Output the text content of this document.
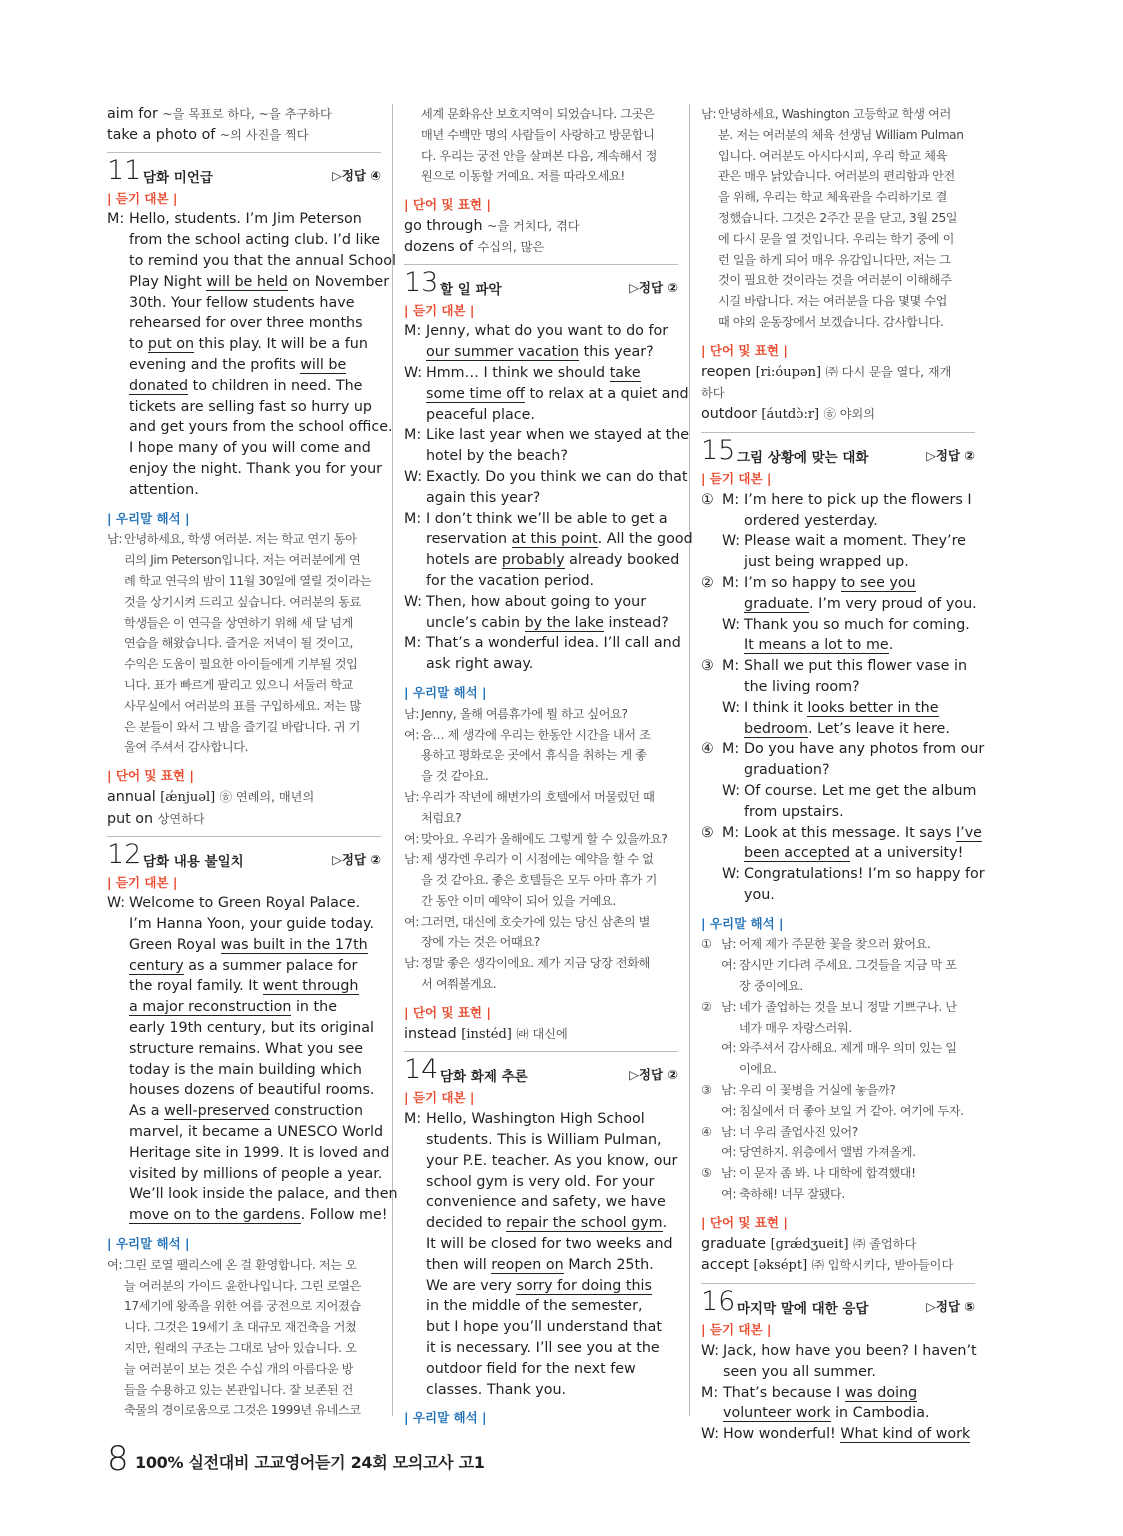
aim for ~을 목표로 하다, ~을 추구하다
take a photo of ~의 사진을 찍다
11 담화 미언급	▷정답 ④
| 듣기 대본 |
M: Hello, students. I’m Jim Peterson
from the school acting club. I’d like
to remind you that the annual School
Play Night will be held on November
30th. Your fellow students have
rehearsed for over three months
to put on this play. It will be a fun
evening and the profits will be
donated to children in need. The
tickets are selling fast so hurry up
and get yours from the school office.
I hope many of you will come and
enjoy the night. Thank you for your
attention.
| 우리말 해석 |
남: 안녕하세요, 학생 여러분. 저는 학교 연기 동아
리의 Jim Peterson입니다. 저는 여러분에게 연
례 학교 연극의 밤이 11월 30일에 열릴 것이라는
것을 상기시켜 드리고 싶습니다. 여러분의 동료
학생들은 이 연극을 상연하기 위해 세 달 넘게
연습을 해왔습니다. 즐거운 저녁이 될 것이고,
수익은 도움이 필요한 아이들에게 기부될 것입
니다. 표가 빠르게 팔리고 있으니 서둘러 학교
사무실에서 여러분의 표를 구입하세요. 저는 많
은 분들이 와서 그 밤을 즐기길 바랍니다. 귀 기
울여 주셔서 감사합니다.
| 단어 및 표현 |
annual [ǽnjuəl] ㉭ 연례의, 매년의
put on 상연하다
12 담화 내용 불일치	▷정답 ②
| 듣기 대본 |
W: Welcome to Green Royal Palace.
I’m Hanna Yoon, your guide today.
Green Royal was built in the 17th
century as a summer palace for
the royal family. It went through
a major reconstruction in the
early 19th century, but its original
structure remains. What you see
today is the main building which
houses dozens of beautiful rooms.
As a well-preserved construction
marvel, it became a UNESCO World
Heritage site in 1999. It is loved and
visited by millions of people a year.
We’ll look inside the palace, and then
move on to the gardens. Follow me!
| 우리말 해석 |
여: 그린 로열 팰리스에 온 걸 환영합니다. 저는 오
늘 여러분의 가이드 윤한나입니다. 그린 로열은
17세기에 왕족을 위한 여름 궁전으로 지어졌습
니다. 그것은 19세기 초 대규모 재건축을 거쳤
지만, 원래의 구조는 그대로 남아 있습니다. 오
늘 여러분이 보는 것은 수십 개의 아름다운 방
들을 수용하고 있는 본관입니다. 잘 보존된 건
축물의 경이로움으로 그것은 1999년 유네스코
세계 문화유산 보호지역이 되었습니다. 그곳은
매년 수백만 명의 사람들이 사랑하고 방문합니
다. 우리는 궁전 안을 살펴본 다음, 계속해서 정
원으로 이동할 거예요. 저를 따라오세요!
| 단어 및 표현 |
go through ~을 거치다, 겪다
dozens of 수십의, 많은
13 할 일 파악	▷정답 ②
| 듣기 대본 |
M: Jenny, what do you want to do for
our summer vacation this year?
W: Hmm… I think we should take
some time off to relax at a quiet and
peaceful place.
M: Like last year when we stayed at the
hotel by the beach?
W: Exactly. Do you think we can do that
again this year?
M: I don’t think we’ll be able to get a
reservation at this point. All the good
hotels are probably already booked
for the vacation period.
W: Then, how about going to your
uncle’s cabin by the lake instead?
M: That’s a wonderful idea. I’ll call and
ask right away.
| 우리말 해석 |
남: Jenny, 올해 여름휴가에 뭘 하고 싶어요?
여: 음… 제 생각에 우리는 한동안 시간을 내서 조
용하고 평화로운 곳에서 휴식을 취하는 게 좋
을 것 같아요.
남: 우리가 작년에 해변가의 호텔에서 머물렀던 때
처럼요?
여: 맞아요. 우리가 올해에도 그렇게 할 수 있을까요?
남: 제 생각엔 우리가 이 시점에는 예약을 할 수 없
을 것 같아요. 좋은 호텔들은 모두 아마 휴가 기
간 동안 이미 예약이 되어 있을 거예요.
여: 그러면, 대신에 호숫가에 있는 당신 삼촌의 별
장에 가는 것은 어때요?
남: 정말 좋은 생각이에요. 제가 지금 당장 전화해
서 여쭤볼게요.
| 단어 및 표현 |
instead [instéd] ㈑ 대신에
14 담화 화제 추론	▷정답 ②
| 듣기 대본 |
M: Hello, Washington High School
students. This is William Pulman,
your P.E. teacher. As you know, our
school gym is very old. For your
convenience and safety, we have
decided to repair the school gym.
It will be closed for two weeks and
then will reopen on March 25th.
We are very sorry for doing this
in the middle of the semester,
but I hope you’ll understand that
it is necessary. I’ll see you at the
outdoor field for the next few
classes. Thank you.
| 우리말 해석 |
남: 안녕하세요, Washington 고등학교 학생 여러
분. 저는 여러분의 체육 선생님 William Pulman
입니다. 여러분도 아시다시피, 우리 학교 체육
관은 매우 낡았습니다. 여러분의 편리함과 안전
을 위해, 우리는 학교 체육관을 수리하기로 결
정했습니다. 그것은 2주간 문을 닫고, 3월 25일
에 다시 문을 열 것입니다. 우리는 학기 중에 이
런 일을 하게 되어 매우 유감입니다만, 저는 그
것이 필요한 것이라는 것을 여러분이 이해해주
시길 바랍니다. 저는 여러분을 다음 몇몇 수업
때 야외 운동장에서 보겠습니다. 감사합니다.
| 단어 및 표현 |
reopen [ri:óupən] ㈜ 다시 문을 열다, 재개
하다
outdoor [áutdɔ̀:r] ㉭ 야외의
15 그림 상황에 맞는 대화	▷정답 ②
| 듣기 대본 |
① M: I’m here to pick up the flowers I
ordered yesterday.
W: Please wait a moment. They’re
just being wrapped up.
② M: I’m so happy to see you
graduate. I’m very proud of you.
W: Thank you so much for coming.
It means a lot to me.
③ M: Shall we put this flower vase in
the living room?
W: I think it looks better in the
bedroom. Let’s leave it here.
④ M: Do you have any photos from our
graduation?
W: Of course. Let me get the album
from upstairs.
⑤ M: Look at this message. It says I’ve
been accepted at a university!
W: Congratulations! I’m so happy for
you.
| 우리말 해석 |
① 남: 어제 제가 주문한 꽃을 찾으러 왔어요.
여: 잠시만 기다려 주세요. 그것들을 지금 막 포
장 중이에요.
② 남: 네가 졸업하는 것을 보니 정말 기쁘구나. 난
네가 매우 자랑스러워.
여: 와주셔서 감사해요. 제게 매우 의미 있는 일
이에요.
③ 남: 우리 이 꽃병을 거실에 놓을까?
여: 침실에서 더 좋아 보일 거 같아. 여기에 두자.
④ 남: 너 우리 졸업사진 있어?
여: 당연하지. 위층에서 앨범 가져올게.
⑤ 남: 이 문자 좀 봐. 나 대학에 합격했대!
여: 축하해! 너무 잘됐다.
| 단어 및 표현 |
graduate [grǽdʒueit] ㈜ 졸업하다
accept [əksépt] ㈜ 입학시키다, 받아들이다
16 마지막 말에 대한 응답	▷정답 ⑤
| 듣기 대본 |
W: Jack, how have you been? I haven’t
seen you all summer.
M: That’s because I was doing
volunteer work in Cambodia.
W: How wonderful! What kind of work
8 100% 실전대비 고교영어듣기 24회 모의고사 고1
